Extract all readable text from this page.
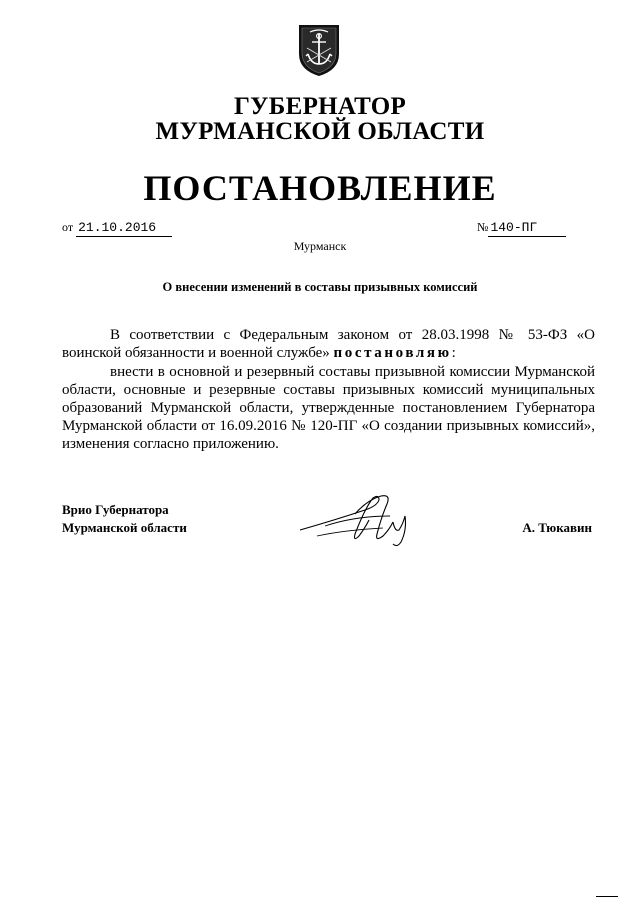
ГУБЕРНАТОР
МУРМАНСКОЙ ОБЛАСТИ
ПОСТАНОВЛЕНИЕ
от 21.10.2016	№ 140-ПГ
Мурманск
О внесении изменений в составы призывных комиссий
В соответствии с Федеральным законом от 28.03.1998 № 53-ФЗ «О воинской обязанности и военной службе» постановляю:
внести в основной и резервный составы призывной комиссии Мурманской области, основные и резервные составы призывных комиссий муниципальных образований Мурманской области, утвержденные постановлением Губернатора Мурманской области от 16.09.2016 № 120-ПГ «О создании призывных комиссий», изменения согласно приложению.
Врио Губернатора
Мурманской области	А. Тюкавин
